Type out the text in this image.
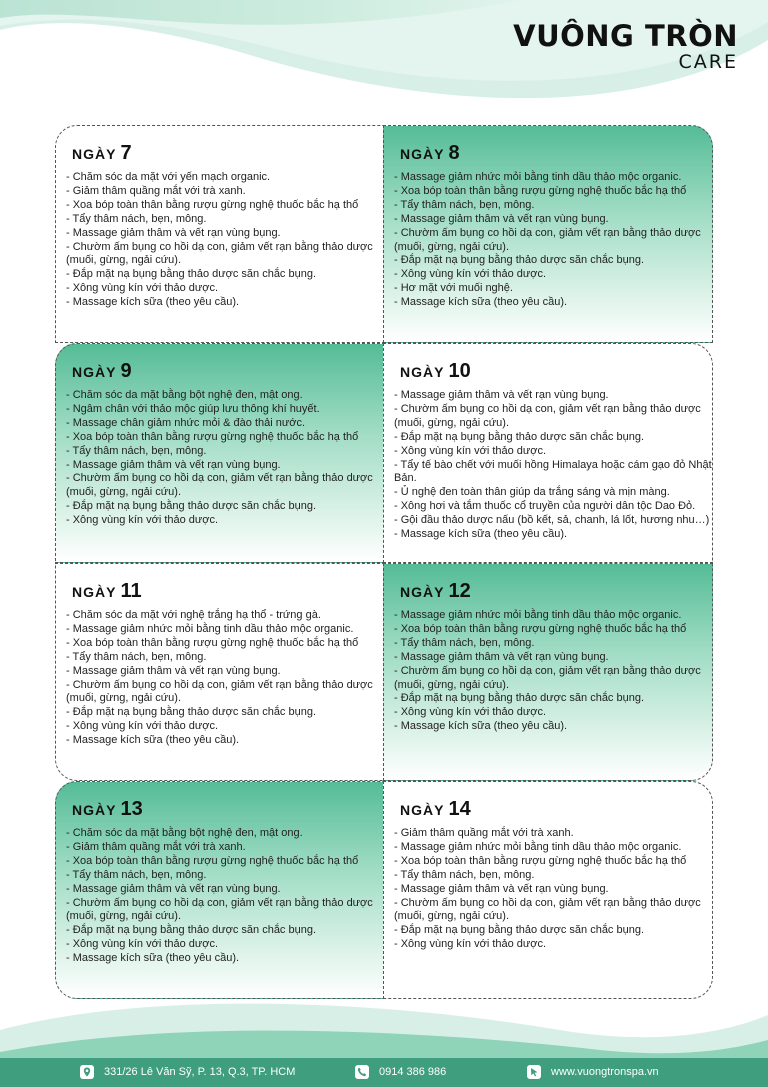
VUÔNG TRÒN
CARE
NGÀY 7
- Chăm sóc da mặt với yến mạch organic.
- Giảm thâm quầng mắt với trà xanh.
- Xoa bóp toàn thân bằng rượu gừng nghệ thuốc bắc hạ thổ
- Tẩy thâm nách, bẹn, mông.
- Massage giảm thâm và vết rạn vùng bụng.
- Chườm ấm bụng co hồi dạ con, giảm vết rạn bằng thảo dược (muối, gừng, ngải cứu).
- Đắp mặt nạ bụng bằng thảo dược săn chắc bụng.
- Xông vùng kín với thảo dược.
- Massage kích sữa (theo yêu cầu).
NGÀY 8
- Massage giảm nhức mỏi bằng tinh dầu thảo mộc organic.
- Xoa bóp toàn thân bằng rượu gừng nghệ thuốc bắc hạ thổ
- Tẩy thâm nách, bẹn, mông.
- Massage giảm thâm và vết rạn vùng bụng.
- Chườm ấm bụng co hồi dạ con, giảm vết rạn bằng thảo dược (muối, gừng, ngải cứu).
- Đắp mặt nạ bụng bằng thảo dược săn chắc bụng.
- Xông vùng kín với thảo dược.
- Hơ mặt với muối nghệ.
- Massage kích sữa (theo yêu cầu).
NGÀY 9
- Chăm sóc da mặt bằng bột nghệ đen, mật ong.
- Ngâm chân với thảo mộc giúp lưu thông khí huyết.
- Massage chân giảm nhức mỏi & đào thải nước.
- Xoa bóp toàn thân bằng rượu gừng nghệ thuốc bắc hạ thổ
- Tẩy thâm nách, bẹn, mông.
- Massage giảm thâm và vết rạn vùng bụng.
- Chườm ấm bụng co hồi dạ con, giảm vết rạn bằng thảo dược (muối, gừng, ngải cứu).
- Đắp mặt nạ bụng bằng thảo dược săn chắc bụng.
- Xông vùng kín với thảo dược.
NGÀY 10
- Massage giảm thâm và vết rạn vùng bụng.
- Chườm ấm bụng co hồi dạ con, giảm vết rạn bằng thảo dược (muối, gừng, ngải cứu).
- Đắp mặt nạ bụng bằng thảo dược săn chắc bụng.
- Xông vùng kín với thảo dược.
- Tẩy tế bào chết với muối hồng Himalaya hoặc cám gạo đỏ Nhật Bản.
- Ủ nghệ đen toàn thân giúp da trắng sáng và mịn màng.
- Xông hơi và tắm thuốc cổ truyền của người dân tộc Dao Đỏ.
- Gội đầu thảo dược nấu (bồ kết, sả, chanh, lá lốt, hương nhu…)
- Massage kích sữa (theo yêu cầu).
NGÀY 11
- Chăm sóc da mặt với nghệ trắng hạ thổ - trứng gà.
- Massage giảm nhức mỏi bằng tinh dầu thảo mộc organic.
- Xoa bóp toàn thân bằng rượu gừng nghệ thuốc bắc hạ thổ
- Tẩy thâm nách, bẹn, mông.
- Massage giảm thâm và vết rạn vùng bụng.
- Chườm ấm bụng co hồi dạ con, giảm vết rạn bằng thảo dược (muối, gừng, ngải cứu).
- Đắp mặt nạ bụng bằng thảo dược săn chắc bụng.
- Xông vùng kín với thảo dược.
- Massage kích sữa (theo yêu cầu).
NGÀY 12
- Massage giảm nhức mỏi bằng tinh dầu thảo mộc organic.
- Xoa bóp toàn thân bằng rượu gừng nghệ thuốc bắc hạ thổ
- Tẩy thâm nách, bẹn, mông.
- Massage giảm thâm và vết rạn vùng bụng.
- Chườm ấm bụng co hồi dạ con, giảm vết rạn bằng thảo dược (muối, gừng, ngải cứu).
- Đắp mặt nạ bụng bằng thảo dược săn chắc bụng.
- Xông vùng kín với thảo dược.
- Massage kích sữa (theo yêu cầu).
NGÀY 13
- Chăm sóc da mặt bằng bột nghệ đen, mật ong.
- Giảm thâm quầng mắt với trà xanh.
- Xoa bóp toàn thân bằng rượu gừng nghệ thuốc bắc hạ thổ
- Tẩy thâm nách, bẹn, mông.
- Massage giảm thâm và vết rạn vùng bụng.
- Chườm ấm bụng co hồi dạ con, giảm vết rạn bằng thảo dược (muối, gừng, ngải cứu).
- Đắp mặt nạ bụng bằng thảo dược săn chắc bụng.
- Xông vùng kín với thảo dược.
- Massage kích sữa (theo yêu cầu).
NGÀY 14
- Giảm thâm quầng mắt với trà xanh.
- Massage giảm nhức mỏi bằng tinh dầu thảo mộc organic.
- Xoa bóp toàn thân bằng rượu gừng nghệ thuốc bắc hạ thổ
- Tẩy thâm nách, bẹn, mông.
- Massage giảm thâm và vết rạn vùng bụng.
- Chườm ấm bụng co hồi dạ con, giảm vết rạn bằng thảo dược (muối, gừng, ngải cứu).
- Đắp mặt nạ bụng bằng thảo dược săn chắc bụng.
- Xông vùng kín với thảo dược.
331/26 Lê Văn Sỹ, P. 13, Q.3, TP. HCM	0914 386 986	www.vuongtronspa.vn
